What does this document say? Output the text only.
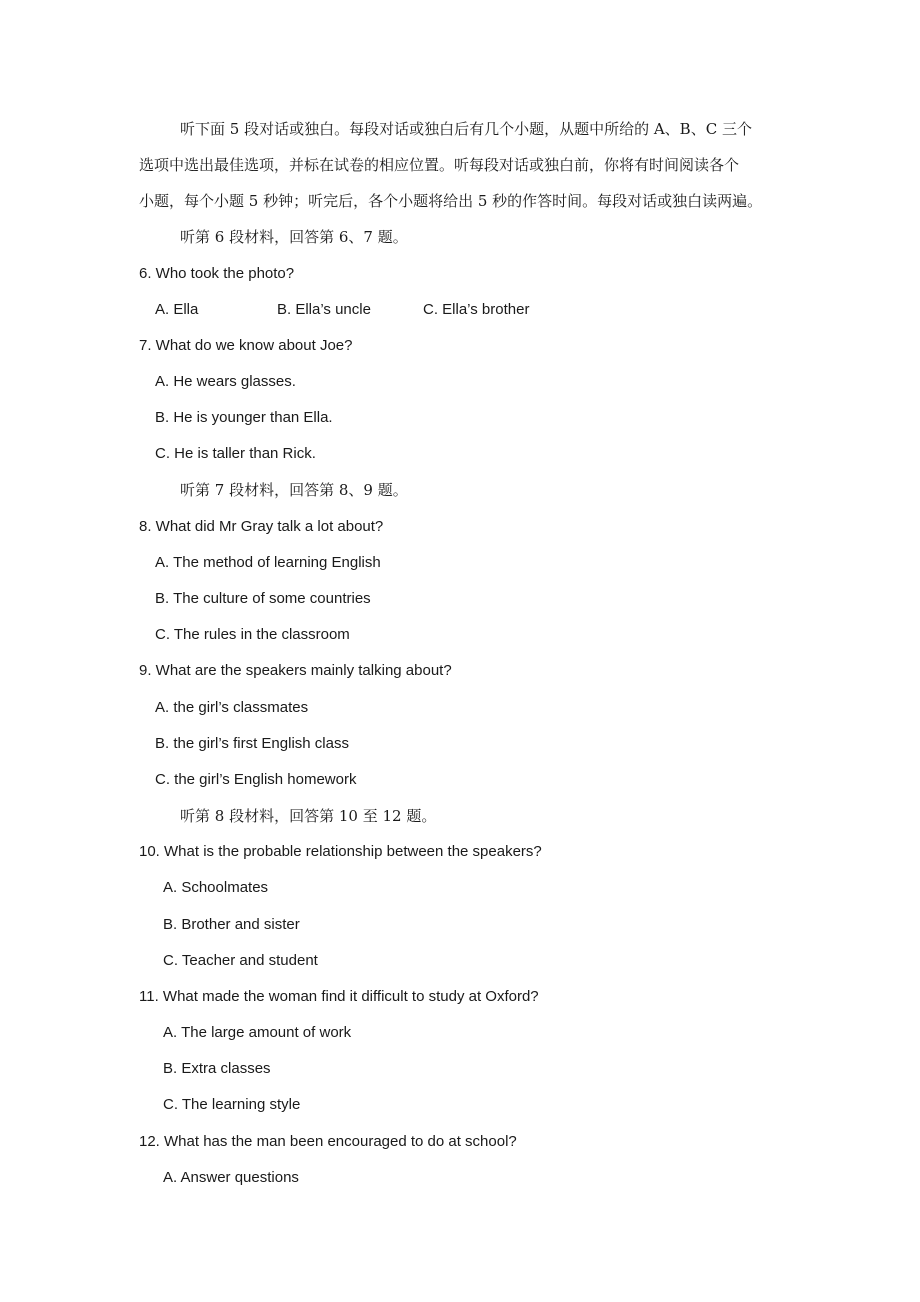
听下面 5 段对话或独白。每段对话或独白后有几个小题，从题中所给的 A、B、C 三个
选项中选出最佳选项，并标在试卷的相应位置。听每段对话或独白前，你将有时间阅读各个
小题，每个小题 5 秒钟；听完后，各个小题将给出 5 秒的作答时间。每段对话或独白读两遍。
听第 6 段材料，回答第 6、7 题。
6. Who took the photo?
A. Ella	B. Ella’s uncle	C. Ella’s brother
7. What do we know about Joe?
A. He wears glasses.
B. He is younger than Ella.
C. He is taller than Rick.
听第 7 段材料，回答第 8、9 题。
8. What did Mr Gray talk a lot about?
A. The method of learning English
B. The culture of some countries
C. The rules in the classroom
9. What are the speakers mainly talking about?
A. the girl’s classmates
B. the girl’s first English class
C. the girl’s English homework
听第 8 段材料，回答第 10 至 12 题。
10. What is the probable relationship between the speakers?
A. Schoolmates
B. Brother and sister
C. Teacher and student
11. What made the woman find it difficult to study at Oxford?
A. The large amount of work
B. Extra classes
C. The learning style
12. What has the man been encouraged to do at school?
A. Answer questions
